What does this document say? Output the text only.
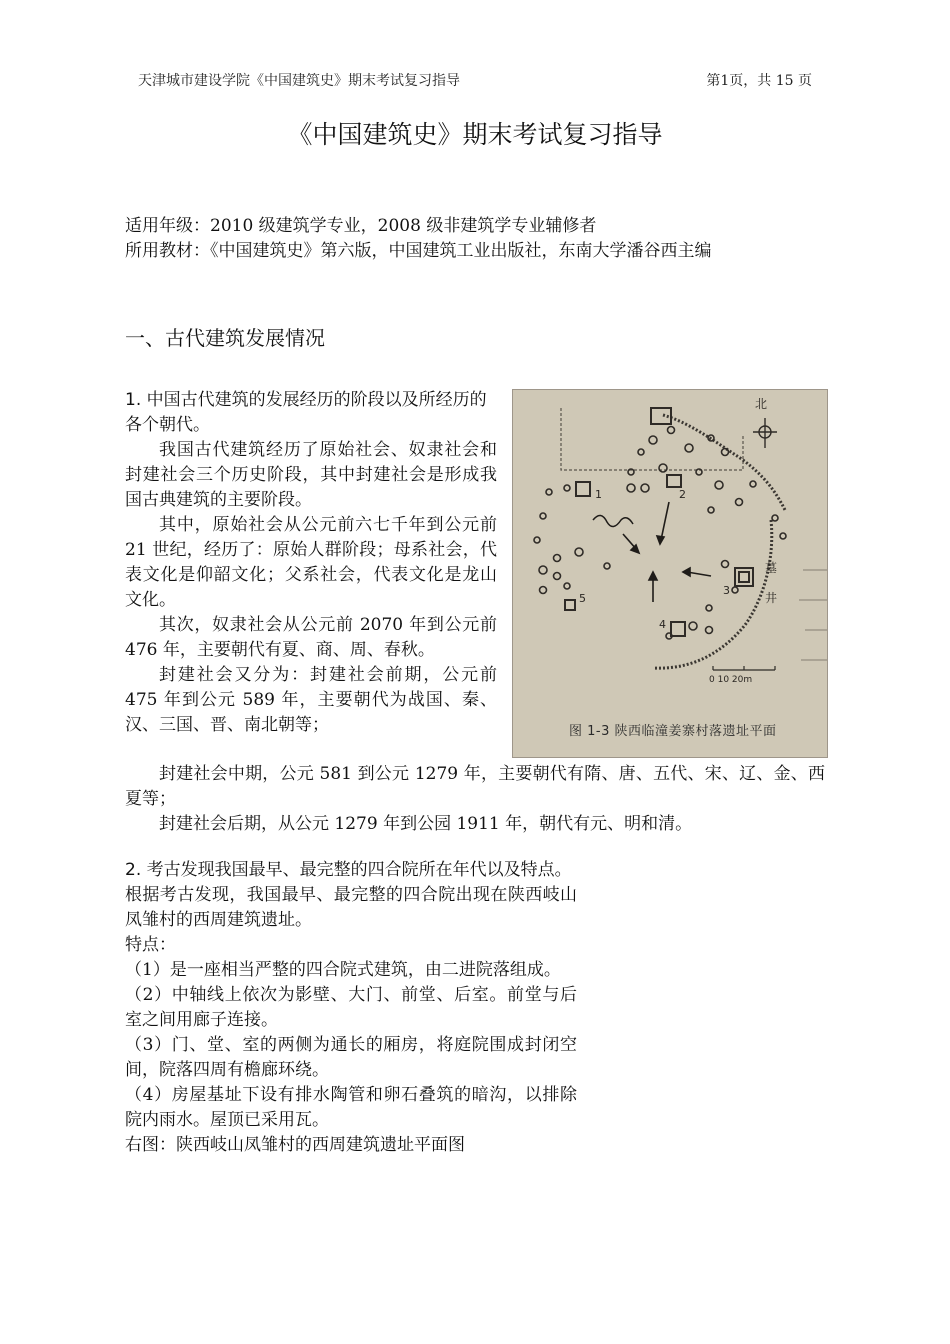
天津城市建设学院《中国建筑史》期末考试复习指导	第1页，共 15 页
《中国建筑史》期末考试复习指导
适用年级：2010 级建筑学专业，2008 级非建筑学专业辅修者
所用教材：《中国建筑史》第六版，中国建筑工业出版社，东南大学潘谷西主编
一、古代建筑发展情况
1. 中国古代建筑的发展经历的阶段以及所经历的各个朝代。

我国古代建筑经历了原始社会、奴隶社会和封建社会三个历史阶段，其中封建社会是形成我国古典建筑的主要阶段。

其中，原始社会从公元前六七千年到公元前 21 世纪，经历了：原始人群阶段；母系社会，代表文化是仰韶文化；父系社会，代表文化是龙山文化。

其次，奴隶社会从公元前 2070 年到公元前 476 年，主要朝代有夏、商、周、春秋。

封建社会又分为：封建社会前期，公元前 475 年到公元 589 年，主要朝代为战国、秦、汉、三国、晋、南北朝等；

封建社会中期，公元 581 到公元 1279 年，主要朝代有隋、唐、五代、宋、辽、金、西夏等；

封建社会后期，从公元 1279 年到公园 1911 年，朝代有元、明和清。

北
1	2
3
4
5
墓
井
0 10 20m
图 1-3 陕西临潼姜寨村落遗址平面
2. 考古发现我国最早、最完整的四合院所在年代以及特点。

根据考古发现，我国最早、最完整的四合院出现在陕西岐山凤雏村的西周建筑遗址。

特点：

（1）是一座相当严整的四合院式建筑，由二进院落组成。

（2）中轴线上依次为影壁、大门、前堂、后室。前堂与后室之间用廊子连接。

（3）门、堂、室的两侧为通长的厢房，将庭院围成封闭空间，院落四周有檐廊环绕。

（4）房屋基址下设有排水陶管和卵石叠筑的暗沟，以排除院内雨水。屋顶已采用瓦。

右图：陕西岐山凤雏村的西周建筑遗址平面图
